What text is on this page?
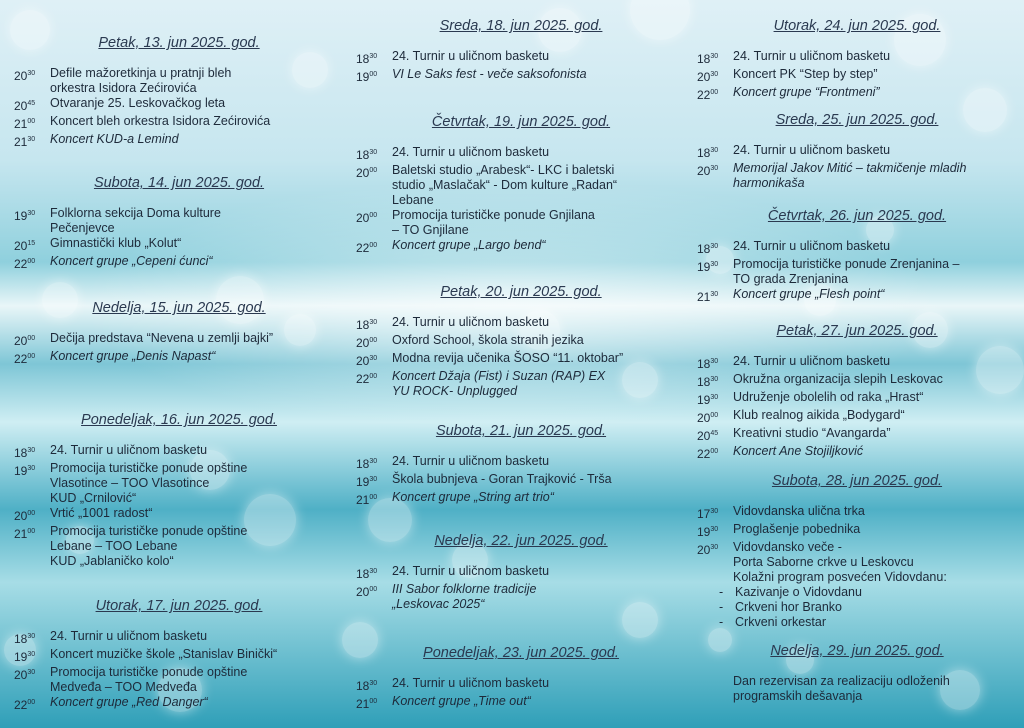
Petak, 13. jun 2025. god.
$20^{30}$	Defile mažoretkinja u pratnji bleh
orkestra Isidora Zećirovića
$20^{45}$	Otvaranje 25. Leskovačkog leta
$21^{00}$	Koncert bleh orkestra Isidora Zećirovića
$21^{30}$	Koncert KUD-a Lemind
Subota, 14. jun 2025. god.
$19^{30}$	Folklorna sekcija Doma kulture
Pečenjevce
$20^{15}$	Gimnastički klub „Kolut“
$22^{00}$	Koncert grupe „Cepeni ćunci“
Nedelja, 15. jun 2025. god.
$20^{00}$	Dečija predstava “Nevena u zemlji bajki”
$22^{00}$	Koncert grupe „Denis Napast“
Ponedeljak, 16. jun 2025. god.
$18^{30}$	24. Turnir u uličnom basketu
$19^{30}$	Promocija turističke ponude opštine
Vlasotince – TOO Vlasotince
KUD „Crnilović“
$20^{00}$	Vrtić „1001 radost“
$21^{00}$	Promocija turističke ponude opštine
Lebane – TOO Lebane
KUD „Jablaničko kolo“
Utorak, 17. jun 2025. god.
$18^{30}$	24. Turnir u uličnom basketu
$19^{30}$	Koncert muzičke škole „Stanislav Binički“
$20^{30}$	Promocija turističke ponude opštine
Medveđa – TOO Medveđa
$22^{00}$	Koncert grupe „Red Danger“
Sreda, 18. jun 2025. god.
$18^{30}$	24. Turnir u uličnom basketu
$19^{00}$	VI Le Saks fest - veče saksofonista
Četvrtak, 19. jun 2025. god.
$18^{30}$	24. Turnir u uličnom basketu
$20^{00}$	Baletski studio „Arabesk“- LKC i baletski
studio „Maslačak“ - Dom kulture „Radan“
Lebane
$20^{00}$	Promocija turističke ponude Gnjilana
– TO Gnjilane
$22^{00}$	Koncert grupe „Largo bend“
Petak, 20. jun 2025. god.
$18^{30}$	24. Turnir u uličnom basketu
$20^{00}$	Oxford School, škola stranih jezika
$20^{30}$	Modna revija učenika ŠOSO “11. oktobar”
$22^{00}$	Koncert Džaja (Fist) i Suzan (RAP) EX
YU ROCK- Unplugged
Subota, 21. jun 2025. god.
$18^{30}$	24. Turnir u uličnom basketu
$19^{30}$	Škola bubnjeva - Goran Trajković - Trša
$21^{00}$	Koncert grupe „String art trio“
Nedelja, 22. jun 2025. god.
$18^{30}$	24. Turnir u uličnom basketu
$20^{00}$	III Sabor folklorne tradicije
„Leskovac 2025“
Ponedeljak, 23. jun 2025. god.
$18^{30}$	24. Turnir u uličnom basketu
$21^{00}$	Koncert grupe „Time out“
Utorak, 24. jun 2025. god.
$18^{30}$	24. Turnir u uličnom basketu
$20^{30}$	Koncert PK “Step by step”
$22^{00}$	Koncert grupe “Frontmeni”
Sreda, 25. jun 2025. god.
$18^{30}$	24. Turnir u uličnom basketu
$20^{30}$	Memorijal Jakov Mitić – takmičenje mladih
harmonikaša
Četvrtak, 26. jun 2025. god.
$18^{30}$	24. Turnir u uličnom basketu
$19^{30}$	Promocija turističke ponude Zrenjanina –
TO grada Zrenjanina
$21^{30}$	Koncert grupe „Flesh point“
Petak, 27. jun 2025. god.
$18^{30}$	24. Turnir u uličnom basketu
$18^{30}$	Okružna organizacija slepih Leskovac
$19^{30}$	Udruženje obolelih od raka „Hrast“
$20^{00}$	Klub realnog aikida „Bodygard“
$20^{45}$	Kreativni studio “Avangarda”
$22^{00}$	Koncert Ane Stojiljković
Subota, 28. jun 2025. god.
$17^{30}$	Vidovdanska ulična trka
$19^{30}$	Proglašenje pobednika
$20^{30}$	Vidovdansko veče -
Porta Saborne crkve u Leskovcu
Kolažni program posvećen Vidovdanu:
- Kazivanje o Vidovdanu
- Crkveni hor Branko
- Crkveni orkestar
Nedelja, 29. jun 2025. god.
Dan rezervisan za realizaciju odloženih
programskih dešavanja
